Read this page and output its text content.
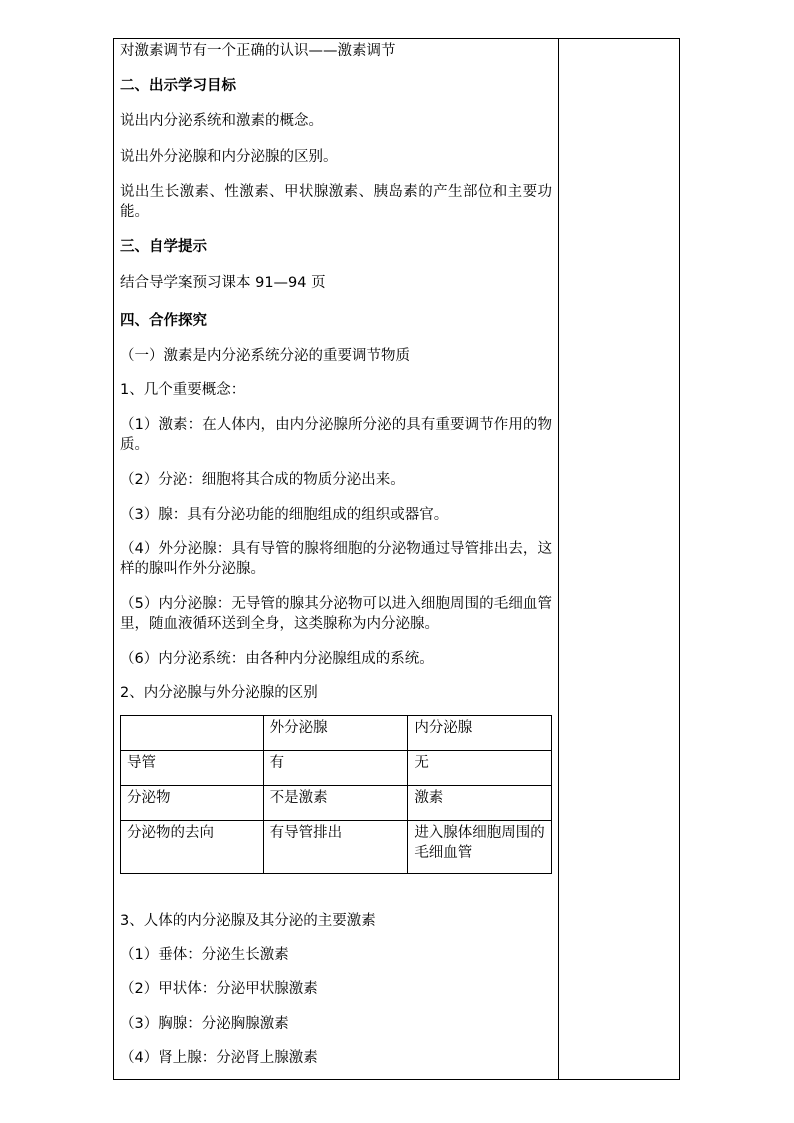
对激素调节有一个正确的认识——激素调节
二、出示学习目标
说出内分泌系统和激素的概念。
说出外分泌腺和内分泌腺的区别。
说出生长激素、性激素、甲状腺激素、胰岛素的产生部位和主要功能。
三、自学提示
结合导学案预习课本 91—94 页
四、合作探究
（一）激素是内分泌系统分泌的重要调节物质
1、几个重要概念：
（1）激素：在人体内，由内分泌腺所分泌的具有重要调节作用的物质。
（2）分泌：细胞将其合成的物质分泌出来。
（3）腺：具有分泌功能的细胞组成的组织或器官。
（4）外分泌腺：具有导管的腺将细胞的分泌物通过导管排出去，这样的腺叫作外分泌腺。
（5）内分泌腺：无导管的腺其分泌物可以进入细胞周围的毛细血管里，随血液循环送到全身，这类腺称为内分泌腺。
（6）内分泌系统：由各种内分泌腺组成的系统。
2、内分泌腺与外分泌腺的区别
	外分泌腺	内分泌腺
导管	有	无
分泌物	不是激素	激素
分泌物的去向	有导管排出	进入腺体细胞周围的毛细血管
3、人体的内分泌腺及其分泌的主要激素
（1）垂体：分泌生长激素
（2）甲状体：分泌甲状腺激素
（3）胸腺：分泌胸腺激素
（4）肾上腺：分泌肾上腺激素
